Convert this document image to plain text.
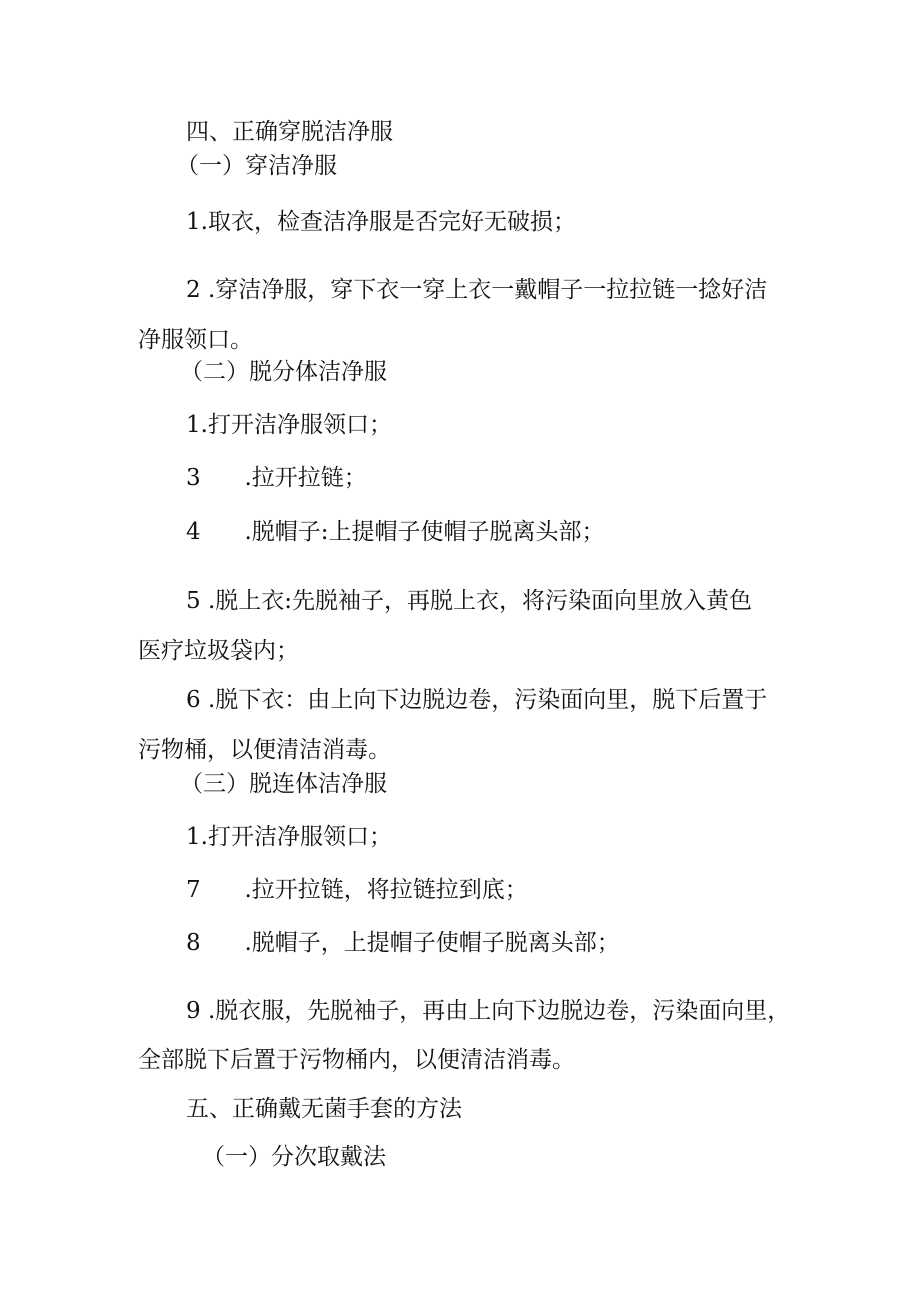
四、正确穿脱洁净服

（一）穿洁净服

1.取衣，检查洁净服是否完好无破损；

2 .穿洁净服，穿下衣一穿上衣一戴帽子一拉拉链一捻好洁

净服领口。

（二）脱分体洁净服

1.打开洁净服领口；

3      .拉开拉链；

4      .脱帽子:上提帽子使帽子脱离头部；

5 .脱上衣:先脱袖子，再脱上衣，将污染面向里放入黄色

医疗垃圾袋内；

6 .脱下衣：由上向下边脱边卷，污染面向里，脱下后置于

污物桶，以便清洁消毒。

（三）脱连体洁净服

1.打开洁净服领口；

7      .拉开拉链，将拉链拉到底；

8      .脱帽子，上提帽子使帽子脱离头部；

9 .脱衣服，先脱袖子，再由上向下边脱边卷，污染面向里，

全部脱下后置于污物桶内，以便清洁消毒。

五、正确戴无菌手套的方法

（一）分次取戴法
